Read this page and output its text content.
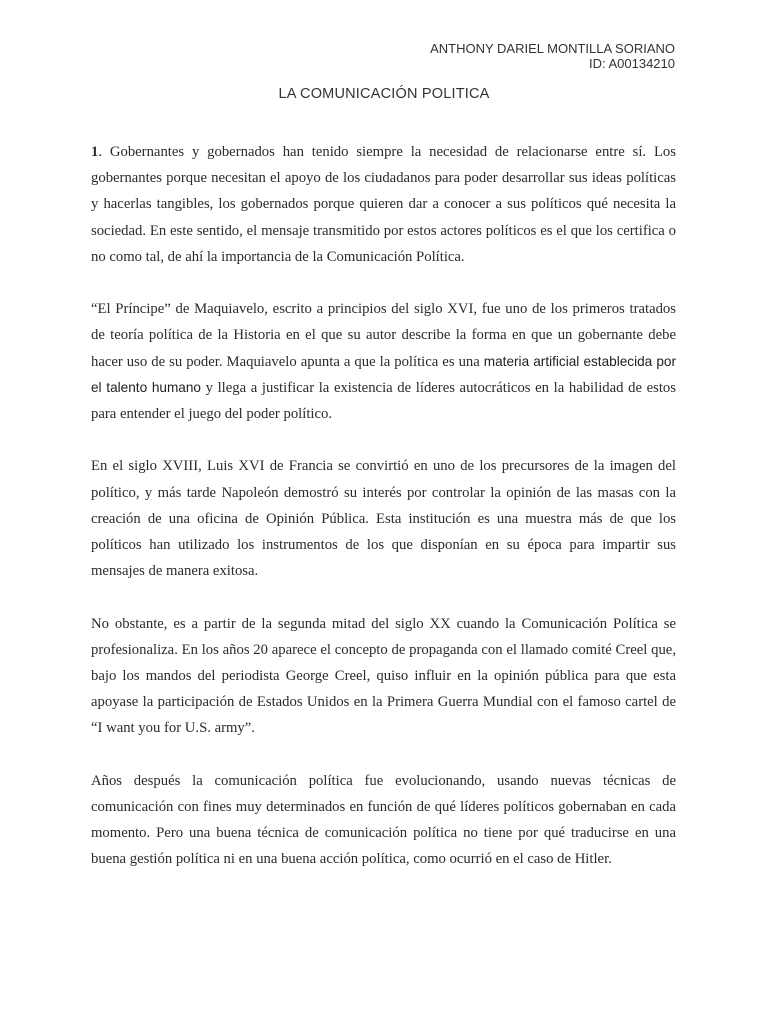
ANTHONY DARIEL MONTILLA SORIANO
ID: A00134210
LA COMUNICACIÓN POLITICA

1. Gobernantes y gobernados han tenido siempre la necesidad de relacionarse entre sí. Los gobernantes porque necesitan el apoyo de los ciudadanos para poder desarrollar sus ideas políticas y hacerlas tangibles, los gobernados porque quieren dar a conocer a sus políticos qué necesita la sociedad. En este sentido, el mensaje transmitido por estos actores políticos es el que los certifica o no como tal, de ahí la importancia de la Comunicación Política.

“El Príncipe” de Maquiavelo, escrito a principios del siglo XVI, fue uno de los primeros tratados de teoría política de la Historia en el que su autor describe la forma en que un gobernante debe hacer uso de su poder. Maquiavelo apunta a que la política es una materia artificial establecida por el talento humano y llega a justificar la existencia de líderes autocráticos en la habilidad de estos para entender el juego del poder político.

En el siglo XVIII, Luis XVI de Francia se convirtió en uno de los precursores de la imagen del político, y más tarde Napoleón demostró su interés por controlar la opinión de las masas con la creación de una oficina de Opinión Pública. Esta institución es una muestra más de que los políticos han utilizado los instrumentos de los que disponían en su época para impartir sus mensajes de manera exitosa.

No obstante, es a partir de la segunda mitad del siglo XX cuando la Comunicación Política se profesionaliza. En los años 20 aparece el concepto de propaganda con el llamado comité Creel que, bajo los mandos del periodista George Creel, quiso influir en la opinión pública para que esta apoyase la participación de Estados Unidos en la Primera Guerra Mundial con el famoso cartel de “I want you for U.S. army”.

Años después la comunicación política fue evolucionando, usando nuevas técnicas de comunicación con fines muy determinados en función de qué líderes políticos gobernaban en cada momento. Pero una buena técnica de comunicación política no tiene por qué traducirse en una buena gestión política ni en una buena acción política, como ocurrió en el caso de Hitler.
